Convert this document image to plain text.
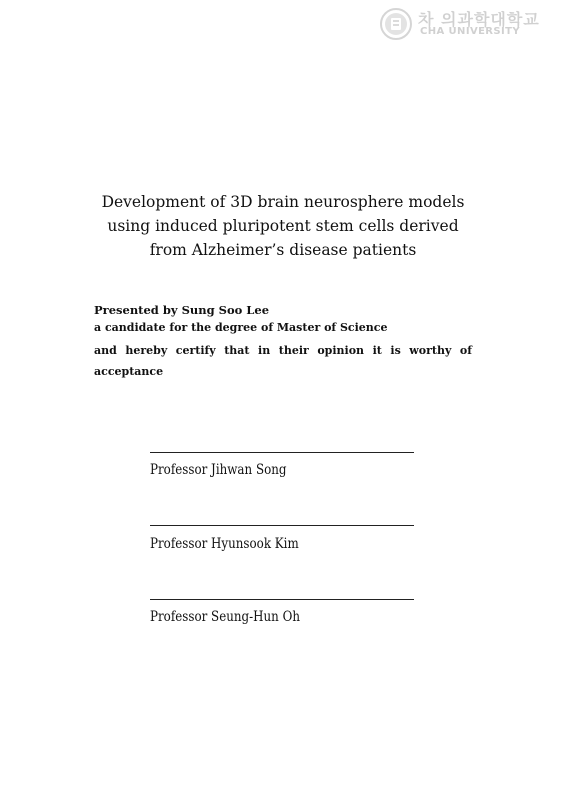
차 의과학대학교
CHA UNIVERSITY
Development of 3D brain neurosphere models
using induced pluripotent stem cells derived
from Alzheimer’s disease patients
Presented by Sung Soo Lee
a candidate for the degree of Master of Science
and hereby certify that in their opinion it is worthy of acceptance
Professor Jihwan Song
Professor Hyunsook Kim
Professor Seung-Hun Oh
